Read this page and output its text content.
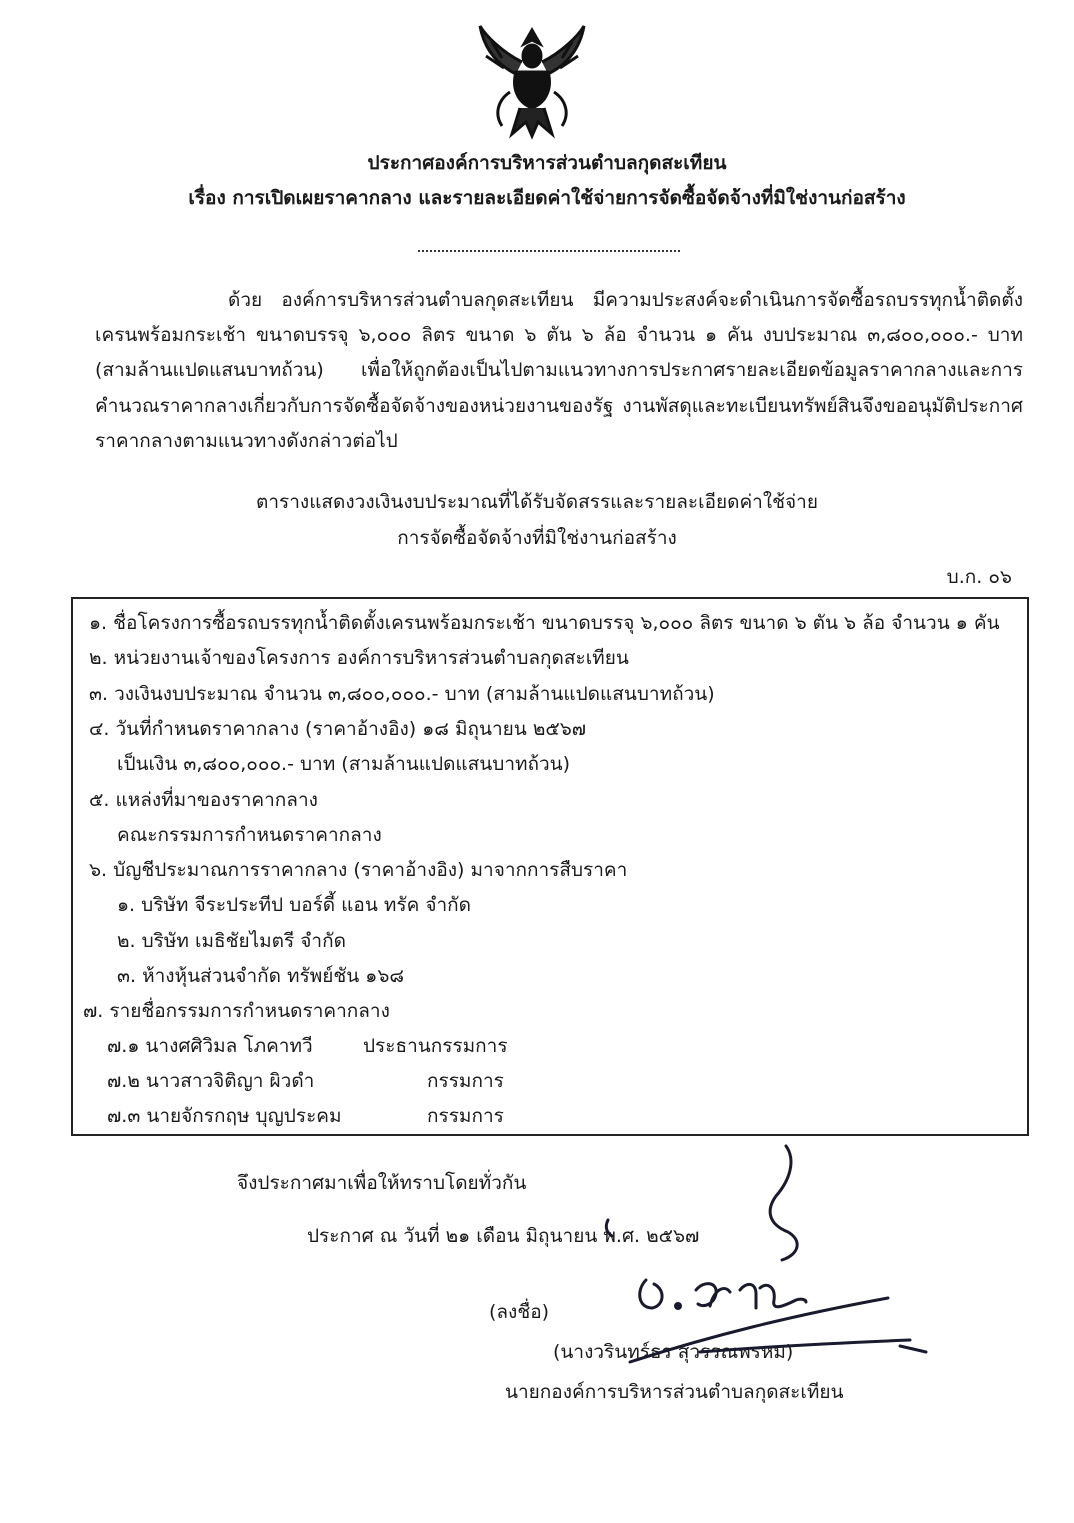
ประกาศองค์การบริหารส่วนตำบลกุดสะเทียน
เรื่อง การเปิดเผยราคากลาง และรายละเอียดค่าใช้จ่ายการจัดซื้อจัดจ้างที่มิใช่งานก่อสร้าง
ด้วย องค์การบริหารส่วนตำบลกุดสะเทียน มีความประสงค์จะดำเนินการจัดซื้อรถบรรทุกน้ำติดตั้ง
เครนพร้อมกระเช้า ขนาดบรรจุ ๖,๐๐๐ ลิตร ขนาด ๖ ตัน ๖ ล้อ จำนวน ๑ คัน งบประมาณ ๓,๘๐๐,๐๐๐.- บาท
(สามล้านแปดแสนบาทถ้วน) เพื่อให้ถูกต้องเป็นไปตามแนวทางการประกาศรายละเอียดข้อมูลราคากลางและการ
คำนวณราคากลางเกี่ยวกับการจัดซื้อจัดจ้างของหน่วยงานของรัฐ งานพัสดุและทะเบียนทรัพย์สินจึงขออนุมัติประกาศ
ราคากลางตามแนวทางดังกล่าวต่อไป
ตารางแสดงวงเงินงบประมาณที่ได้รับจัดสรรและรายละเอียดค่าใช้จ่าย
การจัดซื้อจัดจ้างที่มิใช่งานก่อสร้าง
บ.ก. ๐๖
๑. ชื่อโครงการซื้อรถบรรทุกน้ำติดตั้งเครนพร้อมกระเช้า ขนาดบรรจุ ๖,๐๐๐ ลิตร ขนาด ๖ ตัน ๖ ล้อ จำนวน ๑ คัน
๒. หน่วยงานเจ้าของโครงการ องค์การบริหารส่วนตำบลกุดสะเทียน
๓. วงเงินงบประมาณ จำนวน ๓,๘๐๐,๐๐๐.- บาท (สามล้านแปดแสนบาทถ้วน)
๔. วันที่กำหนดราคากลาง (ราคาอ้างอิง) ๑๘ มิถุนายน ๒๕๖๗
เป็นเงิน ๓,๘๐๐,๐๐๐.- บาท (สามล้านแปดแสนบาทถ้วน)
๕. แหล่งที่มาของราคากลาง
คณะกรรมการกำหนดราคากลาง
๖. บัญชีประมาณการราคากลาง (ราคาอ้างอิง) มาจากการสืบราคา
๑. บริษัท จีระประทีป บอร์ดี้ แอน ทรัค จำกัด
๒. บริษัท เมธิชัยไมตรี จำกัด
๓. ห้างหุ้นส่วนจำกัด ทรัพย์ชัน ๑๖๘
๗. รายชื่อกรรมการกำหนดราคากลาง
๗.๑ นางศศิวิมล โภคาทวี	ประธานกรรมการ
๗.๒ นาวสาวจิติญา ผิวดำ	กรรมการ
๗.๓ นายจักรกฤษ บุญประคม	กรรมการ
จึงประกาศมาเพื่อให้ทราบโดยทั่วกัน
ประกาศ ณ วันที่ ๒๑ เดือน มิถุนายน พ.ศ. ๒๕๖๗
(ลงชื่อ)
(นางวรินทร์ธร สุวรรณพรหม)
นายกองค์การบริหารส่วนตำบลกุดสะเทียน
